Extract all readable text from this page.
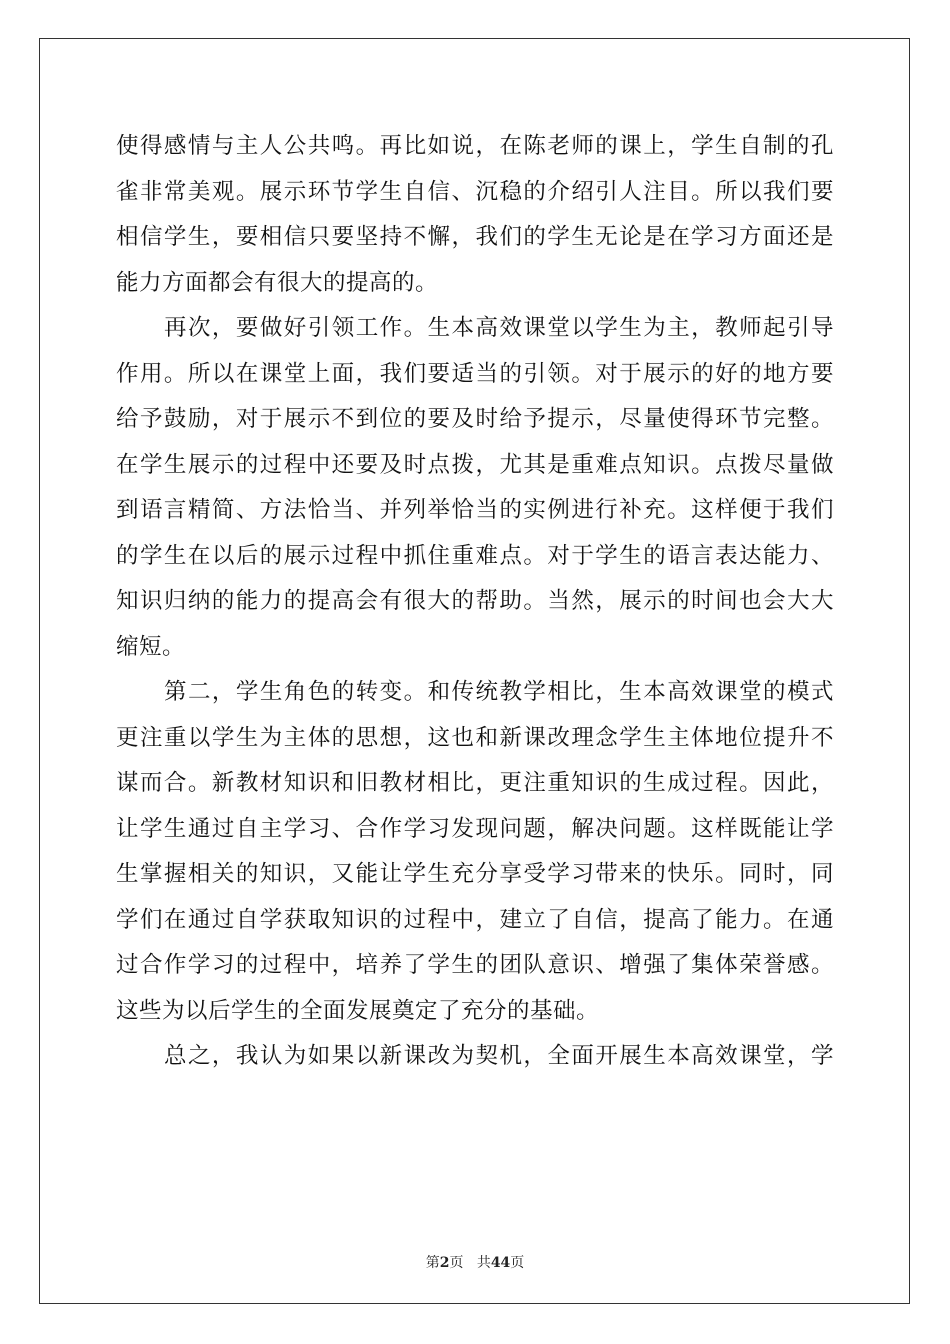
使得感情与主人公共鸣。再比如说，在陈老师的课上，学生自制的孔
雀非常美观。展示环节学生自信、沉稳的介绍引人注目。所以我们要
相信学生，要相信只要坚持不懈，我们的学生无论是在学习方面还是
能力方面都会有很大的提高的。
再次，要做好引领工作。生本高效课堂以学生为主，教师起引导
作用。所以在课堂上面，我们要适当的引领。对于展示的好的地方要
给予鼓励，对于展示不到位的要及时给予提示，尽量使得环节完整。
在学生展示的过程中还要及时点拨，尤其是重难点知识。点拨尽量做
到语言精简、方法恰当、并列举恰当的实例进行补充。这样便于我们
的学生在以后的展示过程中抓住重难点。对于学生的语言表达能力、
知识归纳的能力的提高会有很大的帮助。当然，展示的时间也会大大
缩短。
第二，学生角色的转变。和传统教学相比，生本高效课堂的模式
更注重以学生为主体的思想，这也和新课改理念学生主体地位提升不
谋而合。新教材知识和旧教材相比，更注重知识的生成过程。因此，
让学生通过自主学习、合作学习发现问题，解决问题。这样既能让学
生掌握相关的知识，又能让学生充分享受学习带来的快乐。同时，同
学们在通过自学获取知识的过程中，建立了自信，提高了能力。在通
过合作学习的过程中，培养了学生的团队意识、增强了集体荣誉感。
这些为以后学生的全面发展奠定了充分的基础。
总之，我认为如果以新课改为契机，全面开展生本高效课堂，学
第2页 共44页
